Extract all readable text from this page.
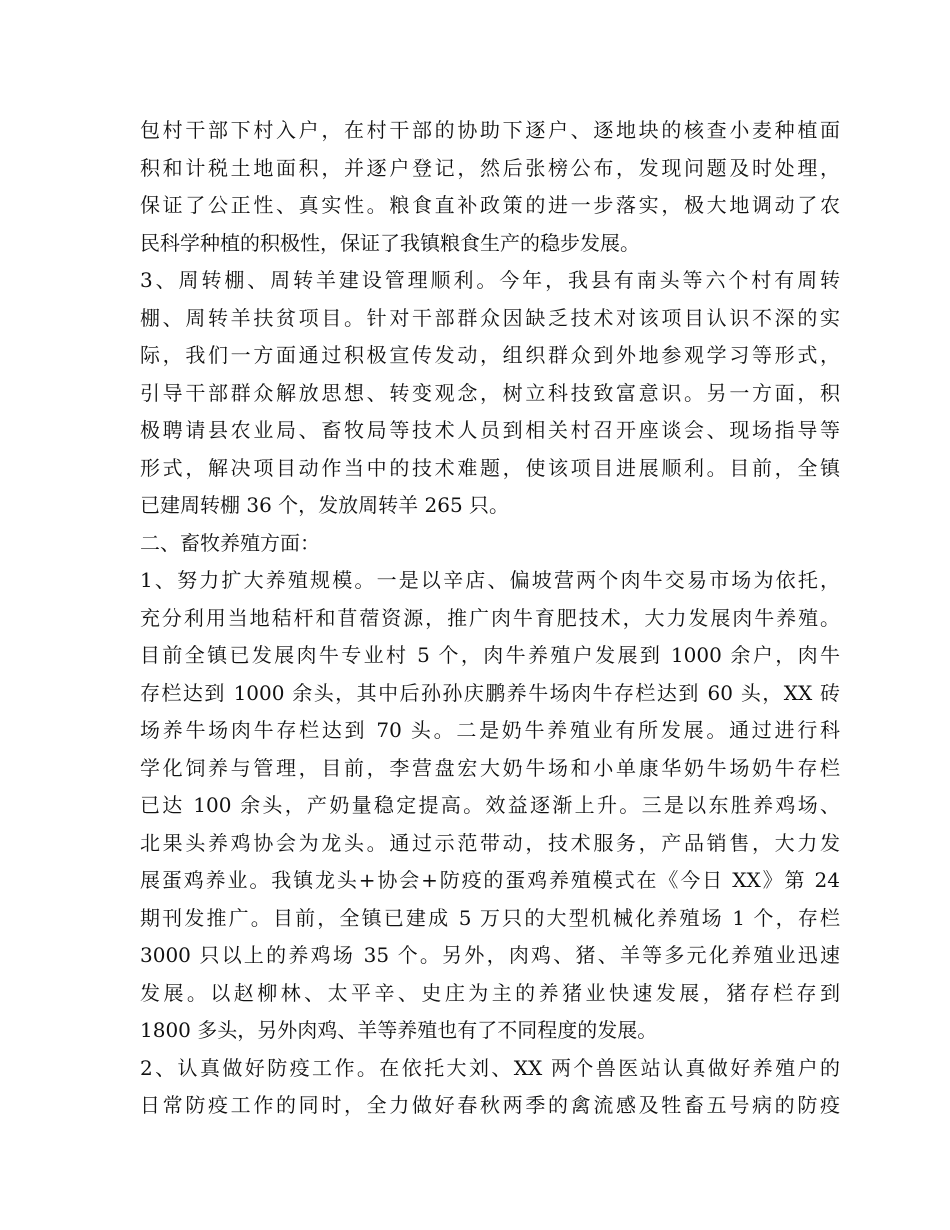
包村干部下村入户，在村干部的协助下逐户、逐地块的核查小麦种植面
积和计税土地面积，并逐户登记，然后张榜公布，发现问题及时处理，
保证了公正性、真实性。粮食直补政策的进一步落实，极大地调动了农
民科学种植的积极性，保证了我镇粮食生产的稳步发展。
3、周转棚、周转羊建设管理顺利。今年，我县有南头等六个村有周转
棚、周转羊扶贫项目。针对干部群众因缺乏技术对该项目认识不深的实
际，我们一方面通过积极宣传发动，组织群众到外地参观学习等形式，
引导干部群众解放思想、转变观念，树立科技致富意识。另一方面，积
极聘请县农业局、畜牧局等技术人员到相关村召开座谈会、现场指导等
形式，解决项目动作当中的技术难题，使该项目进展顺利。目前，全镇
已建周转棚 36 个，发放周转羊 265 只。
二、畜牧养殖方面：
1、努力扩大养殖规模。一是以辛店、偏坡营两个肉牛交易市场为依托，
充分利用当地秸杆和苜蓿资源，推广肉牛育肥技术，大力发展肉牛养殖。
目前全镇已发展肉牛专业村 5 个，肉牛养殖户发展到 1000 余户，肉牛
存栏达到 1000 余头，其中后孙孙庆鹏养牛场肉牛存栏达到 60 头，XX 砖
场养牛场肉牛存栏达到 70 头。二是奶牛养殖业有所发展。通过进行科
学化饲养与管理，目前，李营盘宏大奶牛场和小单康华奶牛场奶牛存栏
已达 100 余头，产奶量稳定提高。效益逐渐上升。三是以东胜养鸡场、
北果头养鸡协会为龙头。通过示范带动，技术服务，产品销售，大力发
展蛋鸡养业。我镇龙头+协会+防疫的蛋鸡养殖模式在《今日 XX》第 24
期刊发推广。目前，全镇已建成 5 万只的大型机械化养殖场 1 个，存栏
3000 只以上的养鸡场 35 个。另外，肉鸡、猪、羊等多元化养殖业迅速
发展。以赵柳林、太平辛、史庄为主的养猪业快速发展，猪存栏存到
1800 多头，另外肉鸡、羊等养殖也有了不同程度的发展。
2、认真做好防疫工作。在依托大刘、XX 两个兽医站认真做好养殖户的
日常防疫工作的同时，全力做好春秋两季的禽流感及牲畜五号病的防疫
